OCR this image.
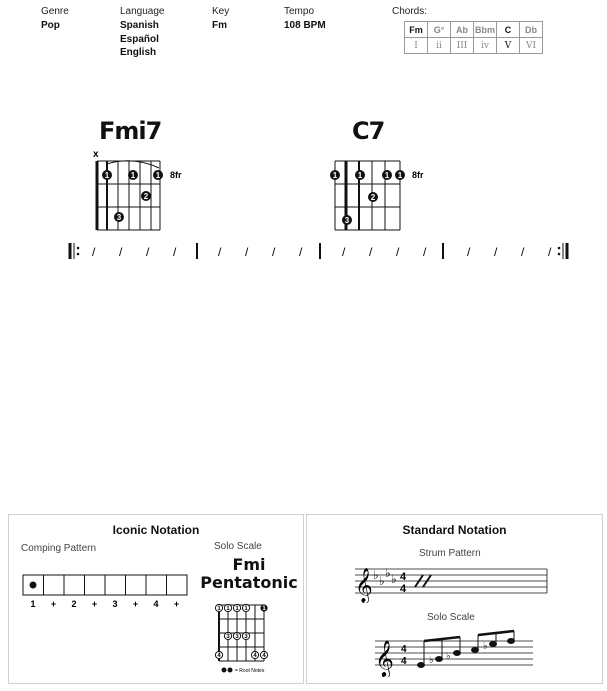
Genre
Pop
Language
Spanish
Español
English
Key
Fm
Tempo
108 BPM
Chords:
Fm	G°	Ab	Bbm	C	Db
I	ii	III	iv	V	VI
Fmi7
x
1	1	1
2
3
8fr
C7
1	1	1 1
2
3
8fr
/ / / /	/ / / /	/ / / /	/ / / /
Iconic Notation
Comping Pattern	Solo Scale
Fmi
Pentatonic
1 + 2 + 3 + 4 +	1 1 1 1 1
3 3 3
4	4 4
= Root Notes
Standard Notation
Strum Pattern
Solo Scale
𝄞 ♭ ♭
♭ ♭ 4
4
𝄞 4
4 ♭ ♭
♭
